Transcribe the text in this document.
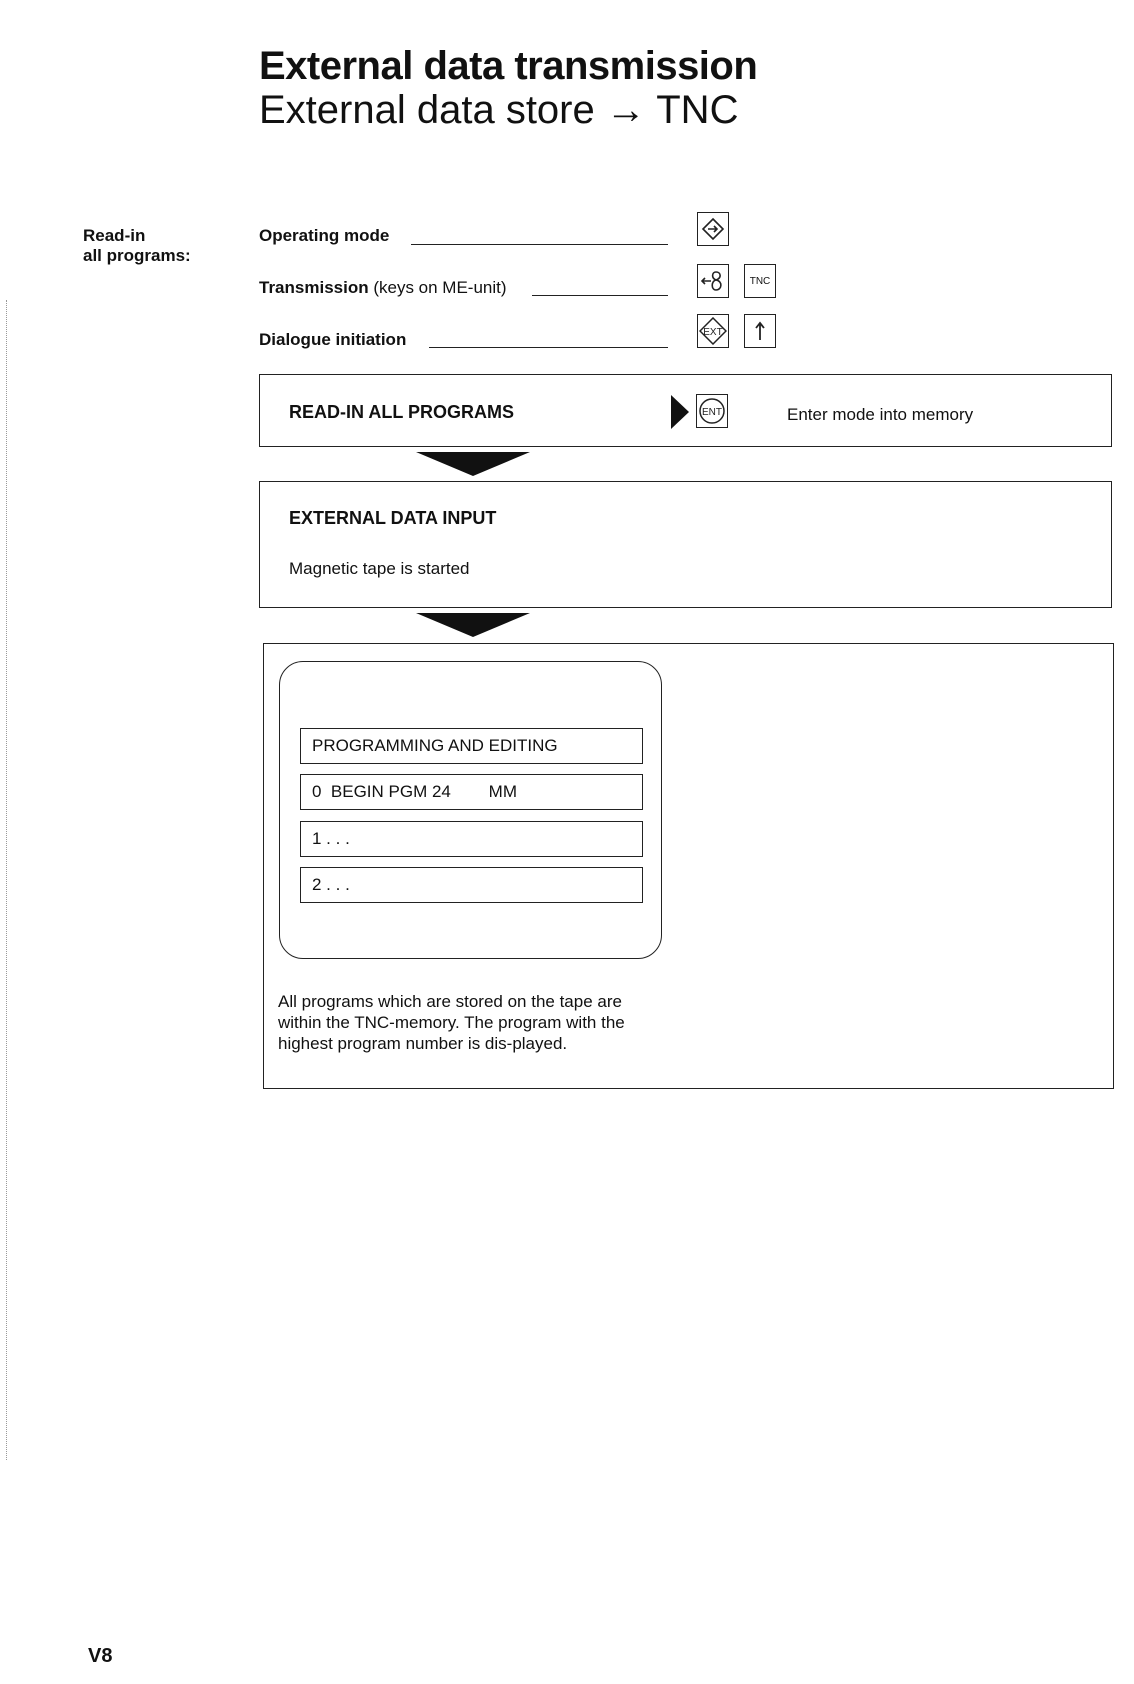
External data transmission
External data store → TNC
Read-in
all programs:
Operating mode
Transmission (keys on ME-unit)	TNC
Dialogue initiation	EXT
READ-IN ALL PROGRAMS	ENT	Enter mode into memory
EXTERNAL DATA INPUT
Magnetic tape is started
PROGRAMMING AND EDITING
0  BEGIN PGM 24        MM
1 . . .
2 . . .
All programs which are stored on the tape are within the TNC-memory. The program with the highest program number is dis-played.
V8
